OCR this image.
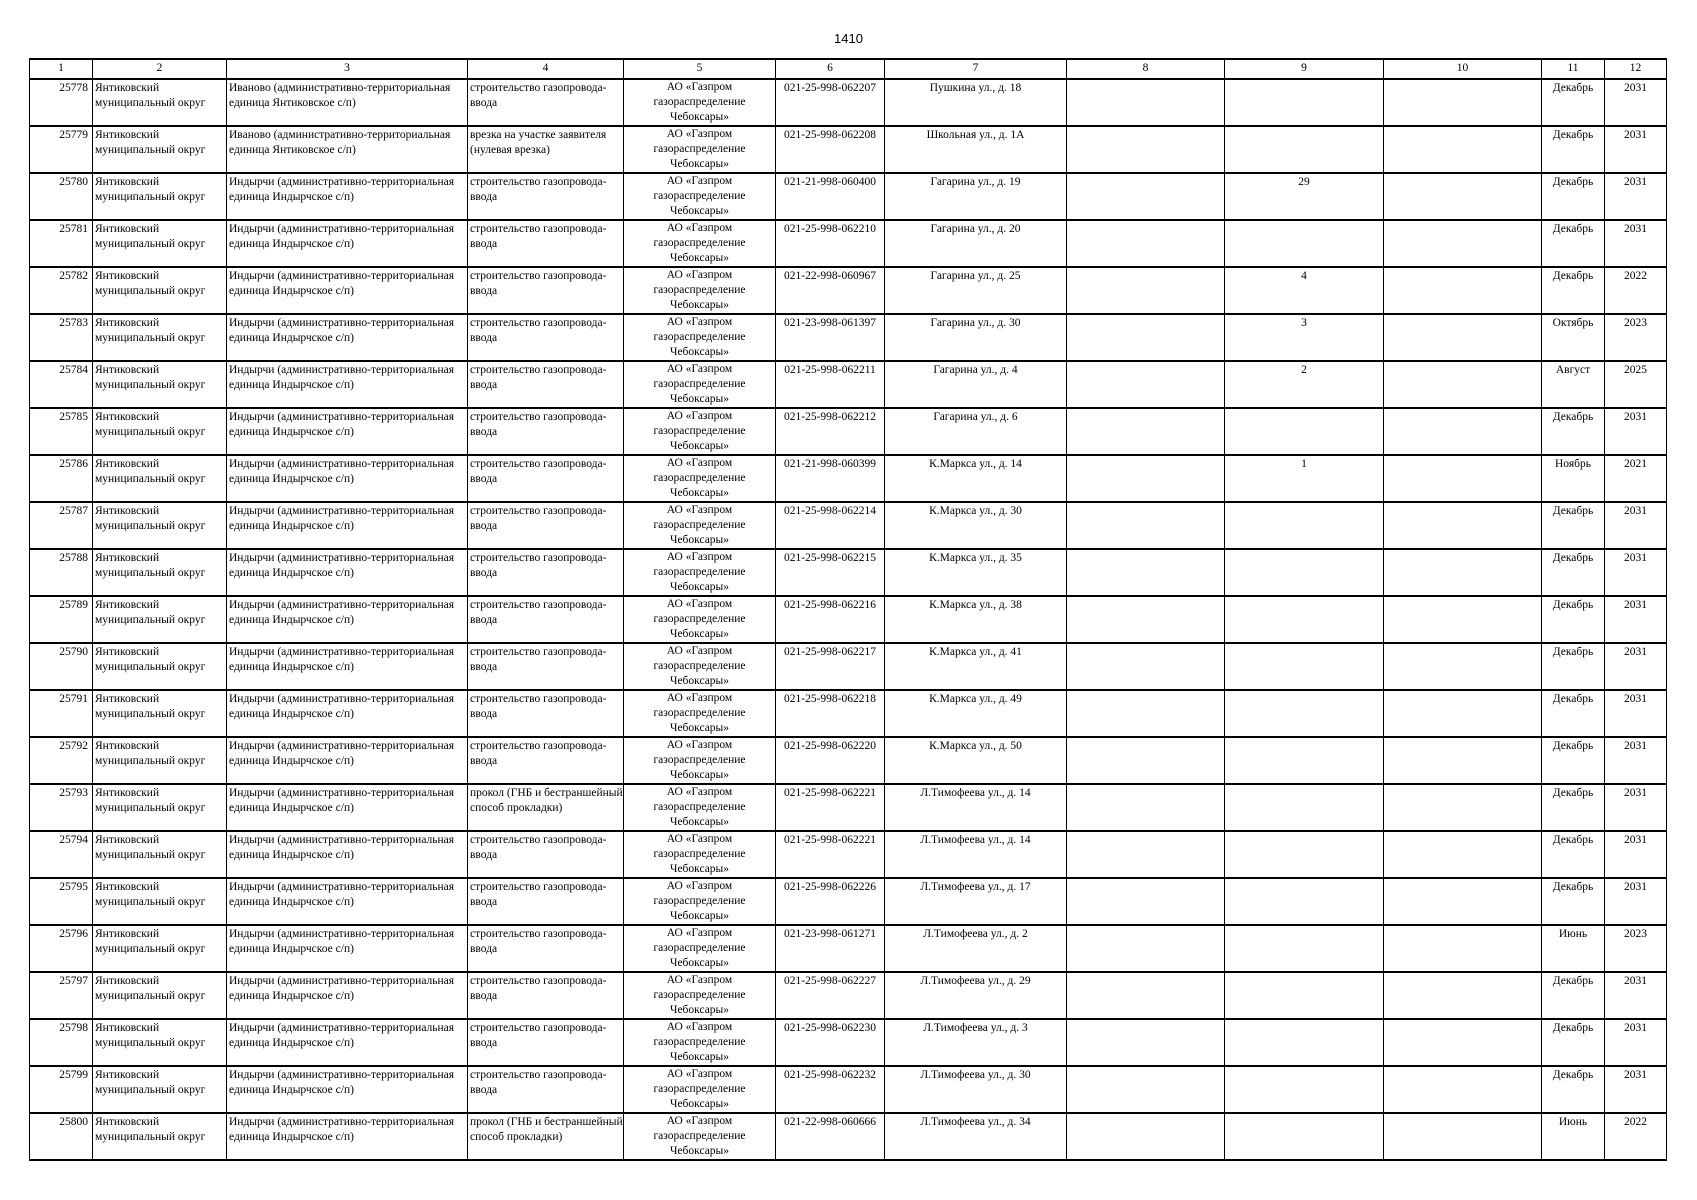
1410
1	2	3	4	5	6	7	8	9	10	11	12
25778	Янтиковский муниципальный округ	Иваново (административно-территориальная единица Янтиковское с/п)	строительство газопровода-ввода	АО «Газпром газораспределение Чебоксары»	021-25-998-062207	Пушкина ул., д. 18				Декабрь	2031
25779	Янтиковский муниципальный округ	Иваново (административно-территориальная единица Янтиковское с/п)	врезка на участке заявителя (нулевая врезка)	АО «Газпром газораспределение Чебоксары»	021-25-998-062208	Школьная ул., д. 1А				Декабрь	2031
25780	Янтиковский муниципальный округ	Индырчи (административно-территориальная единица Индырчское с/п)	строительство газопровода-ввода	АО «Газпром газораспределение Чебоксары»	021-21-998-060400	Гагарина ул., д. 19		29		Декабрь	2031
25781	Янтиковский муниципальный округ	Индырчи (административно-территориальная единица Индырчское с/п)	строительство газопровода-ввода	АО «Газпром газораспределение Чебоксары»	021-25-998-062210	Гагарина ул., д. 20				Декабрь	2031
25782	Янтиковский муниципальный округ	Индырчи (административно-территориальная единица Индырчское с/п)	строительство газопровода-ввода	АО «Газпром газораспределение Чебоксары»	021-22-998-060967	Гагарина ул., д. 25		4		Декабрь	2022
25783	Янтиковский муниципальный округ	Индырчи (административно-территориальная единица Индырчское с/п)	строительство газопровода-ввода	АО «Газпром газораспределение Чебоксары»	021-23-998-061397	Гагарина ул., д. 30		3		Октябрь	2023
25784	Янтиковский муниципальный округ	Индырчи (административно-территориальная единица Индырчское с/п)	строительство газопровода-ввода	АО «Газпром газораспределение Чебоксары»	021-25-998-062211	Гагарина ул., д. 4		2		Август	2025
25785	Янтиковский муниципальный округ	Индырчи (административно-территориальная единица Индырчское с/п)	строительство газопровода-ввода	АО «Газпром газораспределение Чебоксары»	021-25-998-062212	Гагарина ул., д. 6				Декабрь	2031
25786	Янтиковский муниципальный округ	Индырчи (административно-территориальная единица Индырчское с/п)	строительство газопровода-ввода	АО «Газпром газораспределение Чебоксары»	021-21-998-060399	К.Маркса ул., д. 14		1		Ноябрь	2021
25787	Янтиковский муниципальный округ	Индырчи (административно-территориальная единица Индырчское с/п)	строительство газопровода-ввода	АО «Газпром газораспределение Чебоксары»	021-25-998-062214	К.Маркса ул., д. 30				Декабрь	2031
25788	Янтиковский муниципальный округ	Индырчи (административно-территориальная единица Индырчское с/п)	строительство газопровода-ввода	АО «Газпром газораспределение Чебоксары»	021-25-998-062215	К.Маркса ул., д. 35				Декабрь	2031
25789	Янтиковский муниципальный округ	Индырчи (административно-территориальная единица Индырчское с/п)	строительство газопровода-ввода	АО «Газпром газораспределение Чебоксары»	021-25-998-062216	К.Маркса ул., д. 38				Декабрь	2031
25790	Янтиковский муниципальный округ	Индырчи (административно-территориальная единица Индырчское с/п)	строительство газопровода-ввода	АО «Газпром газораспределение Чебоксары»	021-25-998-062217	К.Маркса ул., д. 41				Декабрь	2031
25791	Янтиковский муниципальный округ	Индырчи (административно-территориальная единица Индырчское с/п)	строительство газопровода-ввода	АО «Газпром газораспределение Чебоксары»	021-25-998-062218	К.Маркса ул., д. 49				Декабрь	2031
25792	Янтиковский муниципальный округ	Индырчи (административно-территориальная единица Индырчское с/п)	строительство газопровода-ввода	АО «Газпром газораспределение Чебоксары»	021-25-998-062220	К.Маркса ул., д. 50				Декабрь	2031
25793	Янтиковский муниципальный округ	Индырчи (административно-территориальная единица Индырчское с/п)	прокол (ГНБ и бестраншейный способ прокладки)	АО «Газпром газораспределение Чебоксары»	021-25-998-062221	Л.Тимофеева ул., д. 14				Декабрь	2031
25794	Янтиковский муниципальный округ	Индырчи (административно-территориальная единица Индырчское с/п)	строительство газопровода-ввода	АО «Газпром газораспределение Чебоксары»	021-25-998-062221	Л.Тимофеева ул., д. 14				Декабрь	2031
25795	Янтиковский муниципальный округ	Индырчи (административно-территориальная единица Индырчское с/п)	строительство газопровода-ввода	АО «Газпром газораспределение Чебоксары»	021-25-998-062226	Л.Тимофеева ул., д. 17				Декабрь	2031
25796	Янтиковский муниципальный округ	Индырчи (административно-территориальная единица Индырчское с/п)	строительство газопровода-ввода	АО «Газпром газораспределение Чебоксары»	021-23-998-061271	Л.Тимофеева ул., д. 2				Июнь	2023
25797	Янтиковский муниципальный округ	Индырчи (административно-территориальная единица Индырчское с/п)	строительство газопровода-ввода	АО «Газпром газораспределение Чебоксары»	021-25-998-062227	Л.Тимофеева ул., д. 29				Декабрь	2031
25798	Янтиковский муниципальный округ	Индырчи (административно-территориальная единица Индырчское с/п)	строительство газопровода-ввода	АО «Газпром газораспределение Чебоксары»	021-25-998-062230	Л.Тимофеева ул., д. 3				Декабрь	2031
25799	Янтиковский муниципальный округ	Индырчи (административно-территориальная единица Индырчское с/п)	строительство газопровода-ввода	АО «Газпром газораспределение Чебоксары»	021-25-998-062232	Л.Тимофеева ул., д. 30				Декабрь	2031
25800	Янтиковский муниципальный округ	Индырчи (административно-территориальная единица Индырчское с/п)	прокол (ГНБ и бестраншейный способ прокладки)	АО «Газпром газораспределение Чебоксары»	021-22-998-060666	Л.Тимофеева ул., д. 34				Июнь	2022
